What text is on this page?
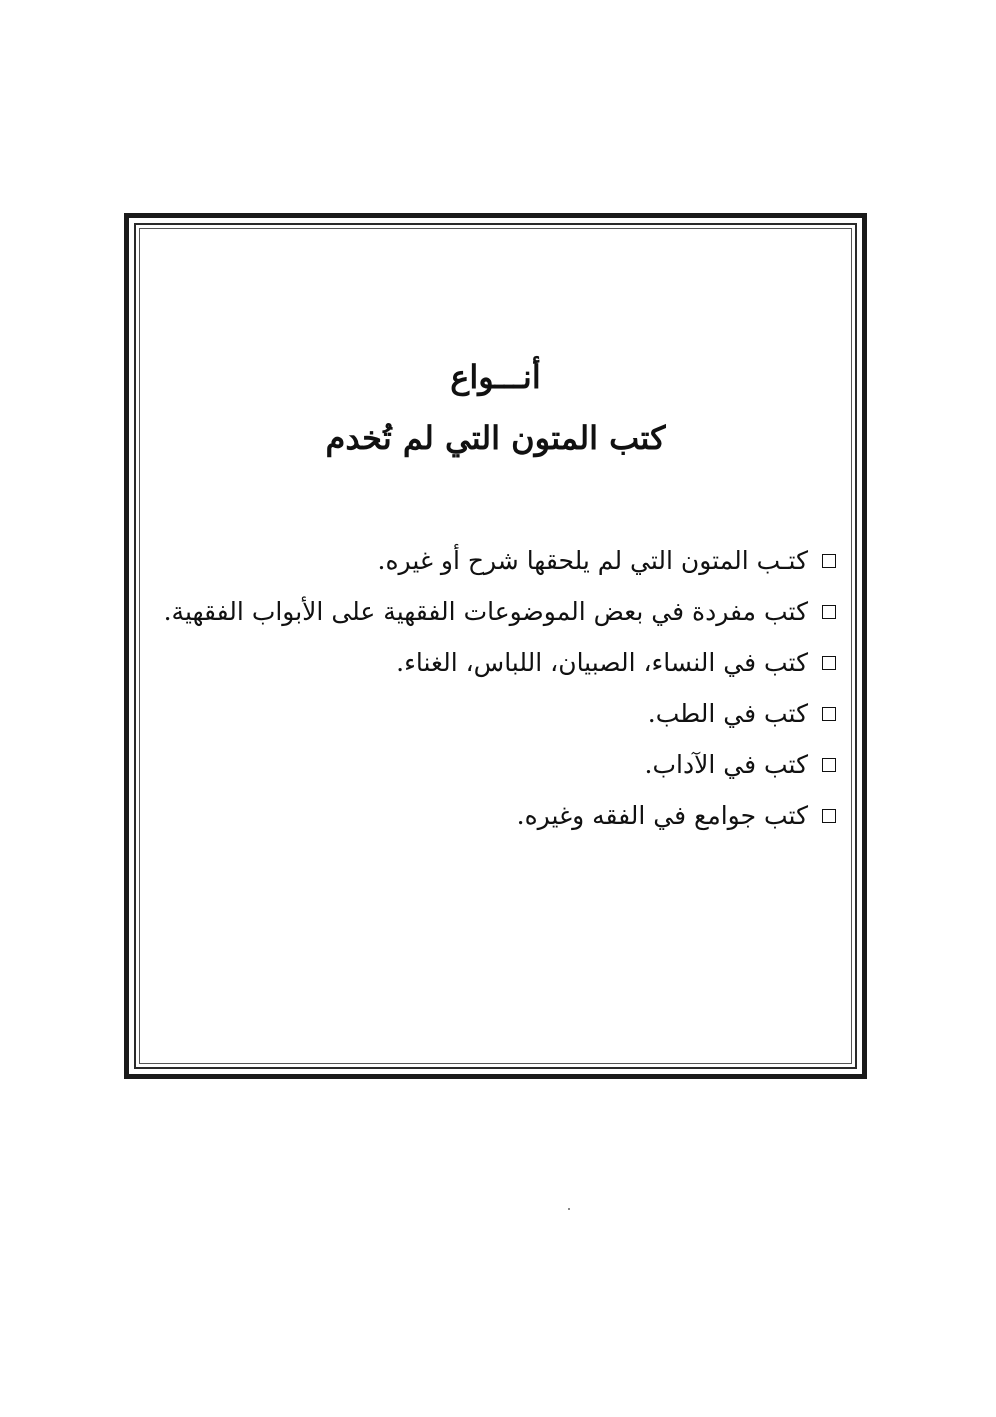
أنـــواع
كتب المتون التي لم تُخدم
كتـب المتون التي لم يلحقها شرح أو غيره.
كتب مفردة في بعض الموضوعات الفقهية على الأبواب الفقهية.
كتب في النساء، الصبيان، اللباس، الغناء.
كتب في الطب.
كتب في الآداب.
كتب جوامع في الفقه وغيره.
